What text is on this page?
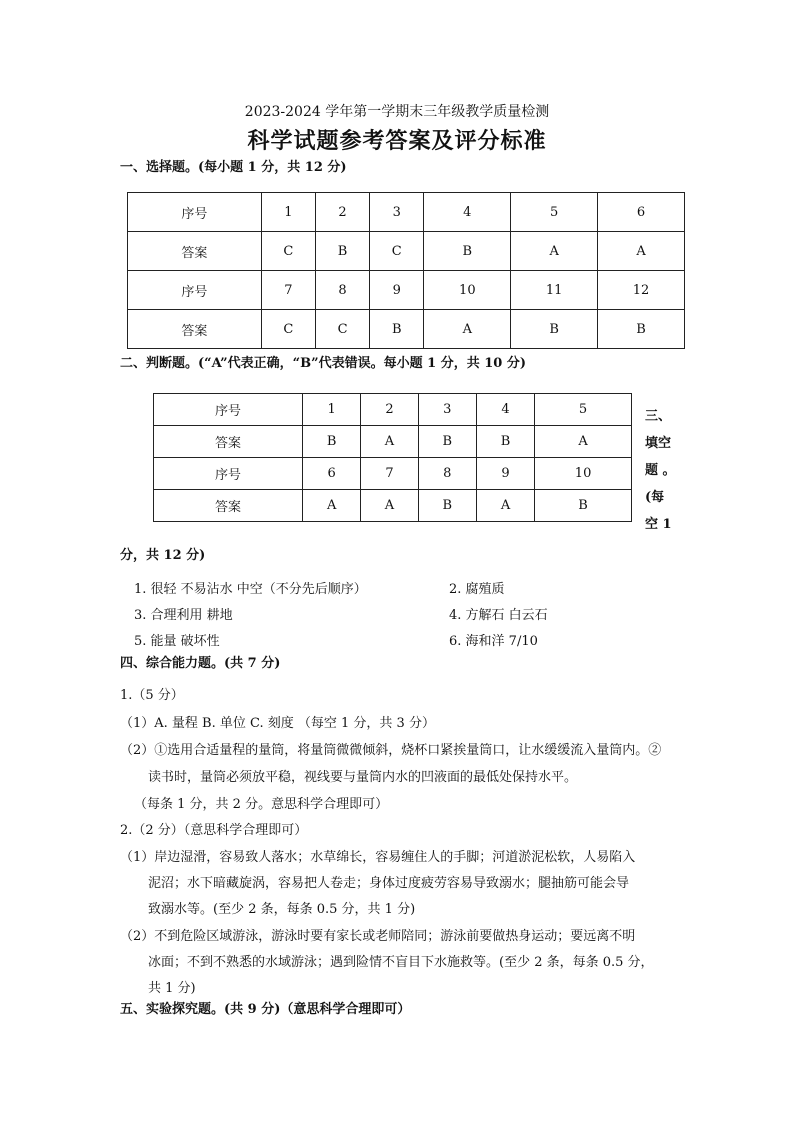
2023-2024 学年第一学期末三年级教学质量检测
科学试题参考答案及评分标准
一、选择题。(每小题 1 分，共 12 分)
序号	1	2	3	4	5	6
答案	C	B	C	B	A	A
序号	7	8	9	10	11	12
答案	C	C	B	A	B	B
二、判断题。(“A”代表正确，“B”代表错误。每小题 1 分，共 10 分)
序号	1	2	3	4	5
答案	B	A	B	B	A
序号	6	7	8	9	10
答案	A	A	B	A	B
三、
填空
题 。
(每
空 1
分，共 12 分)
1. 很轻 不易沾水 中空（不分先后顺序）	2. 腐殖质
3. 合理利用 耕地	4. 方解石 白云石
5. 能量 破坏性	6. 海和洋 7/10
四、综合能力题。(共 7 分)
1.（5 分）
（1）A. 量程 B. 单位 C. 刻度 （每空 1 分，共 3 分）
（2）①选用合适量程的量筒，将量筒微微倾斜，烧杯口紧挨量筒口，让水缓缓流入量筒内。②
读书时，量筒必须放平稳，视线要与量筒内水的凹液面的最低处保持水平。
（每条 1 分，共 2 分。意思科学合理即可）
2.（2 分）（意思科学合理即可）
（1）岸边湿滑，容易致人落水；水草绵长，容易缠住人的手脚；河道淤泥松软，人易陷入
泥沼；水下暗藏旋涡，容易把人卷走；身体过度疲劳容易导致溺水；腿抽筋可能会导
致溺水等。(至少 2 条，每条 0.5 分，共 1 分)
（2）不到危险区域游泳，游泳时要有家长或老师陪同；游泳前要做热身运动；要远离不明
冰面；不到不熟悉的水域游泳；遇到险情不盲目下水施救等。(至少 2 条，每条 0.5 分，
共 1 分)
五、实验探究题。(共 9 分)（意思科学合理即可）
